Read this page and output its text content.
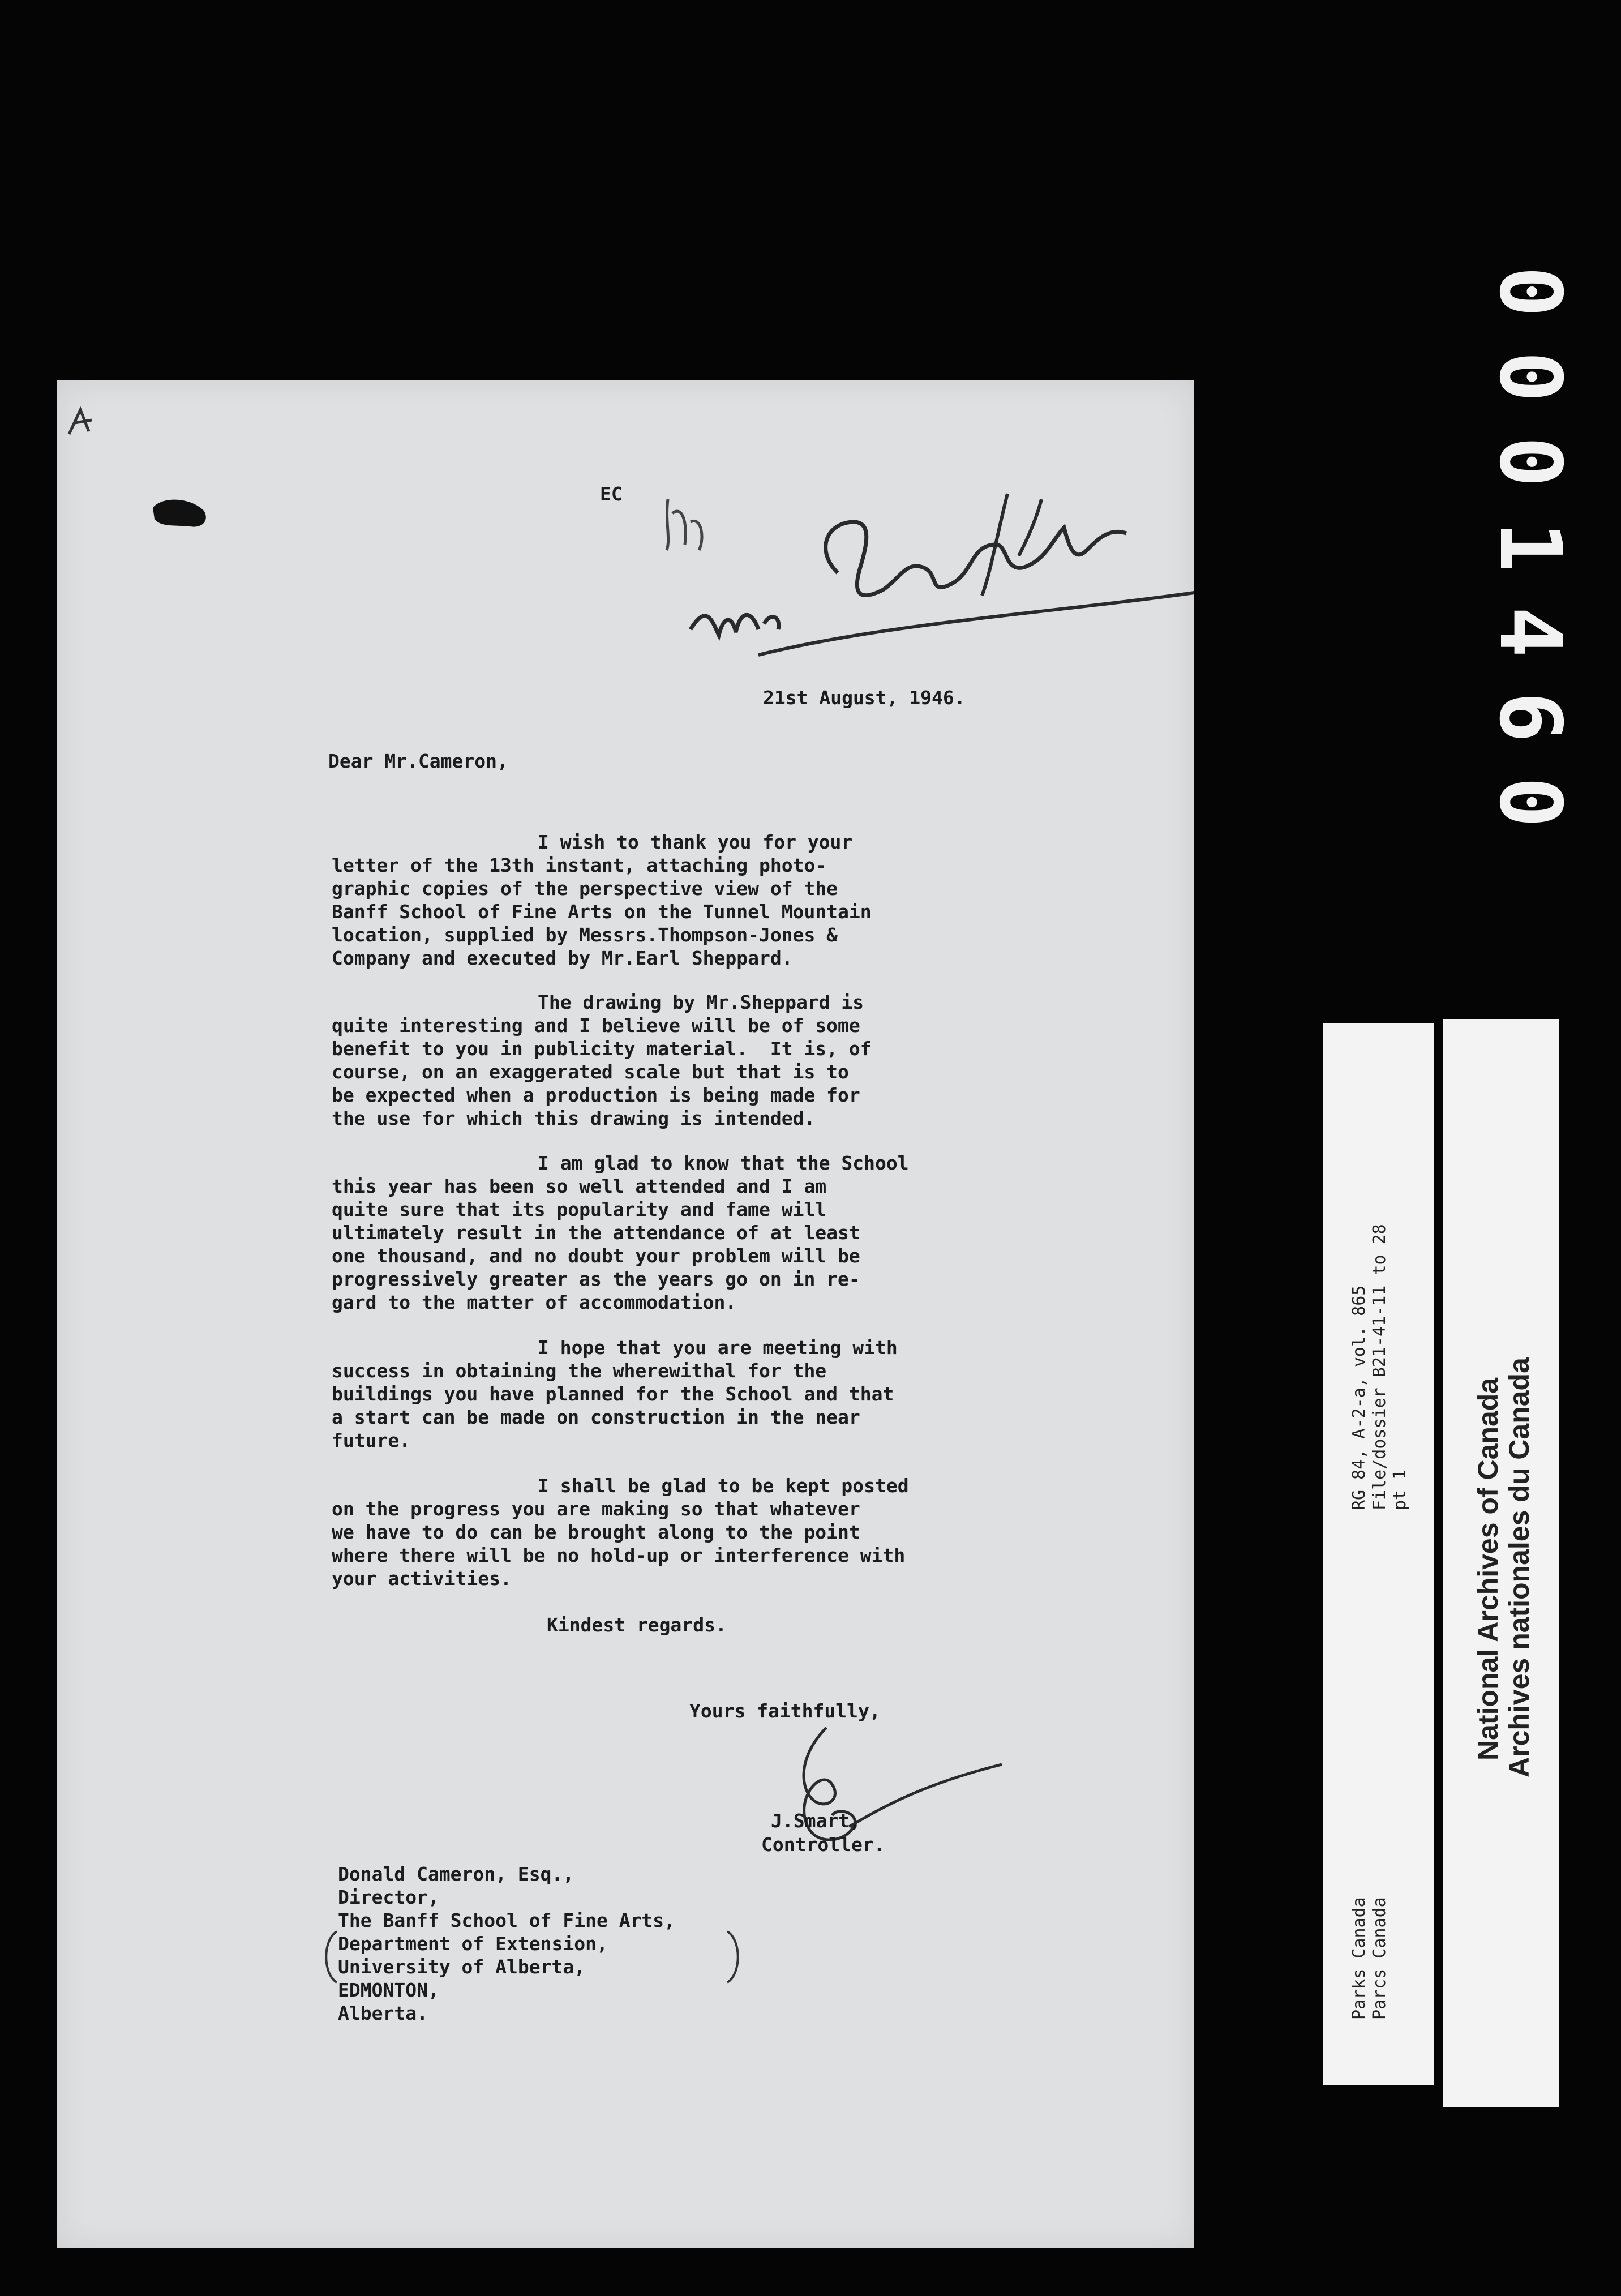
0001460
EC
21st August, 1946.
Dear Mr.Cameron,
I wish to thank you for your
letter of the 13th instant, attaching photo-
graphic copies of the perspective view of the
Banff School of Fine Arts on the Tunnel Mountain
location, supplied by Messrs.Thompson-Jones &
Company and executed by Mr.Earl Sheppard.
The drawing by Mr.Sheppard is
quite interesting and I believe will be of some
benefit to you in publicity material.  It is, of
course, on an exaggerated scale but that is to
be expected when a production is being made for
the use for which this drawing is intended.
I am glad to know that the School
this year has been so well attended and I am
quite sure that its popularity and fame will
ultimately result in the attendance of at least
one thousand, and no doubt your problem will be
progressively greater as the years go on in re-
gard to the matter of accommodation.
I hope that you are meeting with
success in obtaining the wherewithal for the
buildings you have planned for the School and that
a start can be made on construction in the near
future.
I shall be glad to be kept posted
on the progress you are making so that whatever
we have to do can be brought along to the point
where there will be no hold-up or interference with
your activities.
Kindest regards.
Yours faithfully,
J.Smart,
Controller.
Donald Cameron, Esq.,
Director,
The Banff School of Fine Arts,
Department of Extension,
University of Alberta,
EDMONTON,
Alberta.	Parks Canada Parcs Canada
RG 84, A-2-a, vol. 865 File/dossier B21-41-11 to 28 pt 1 National Archives of Canada Archives nationales du Canada
